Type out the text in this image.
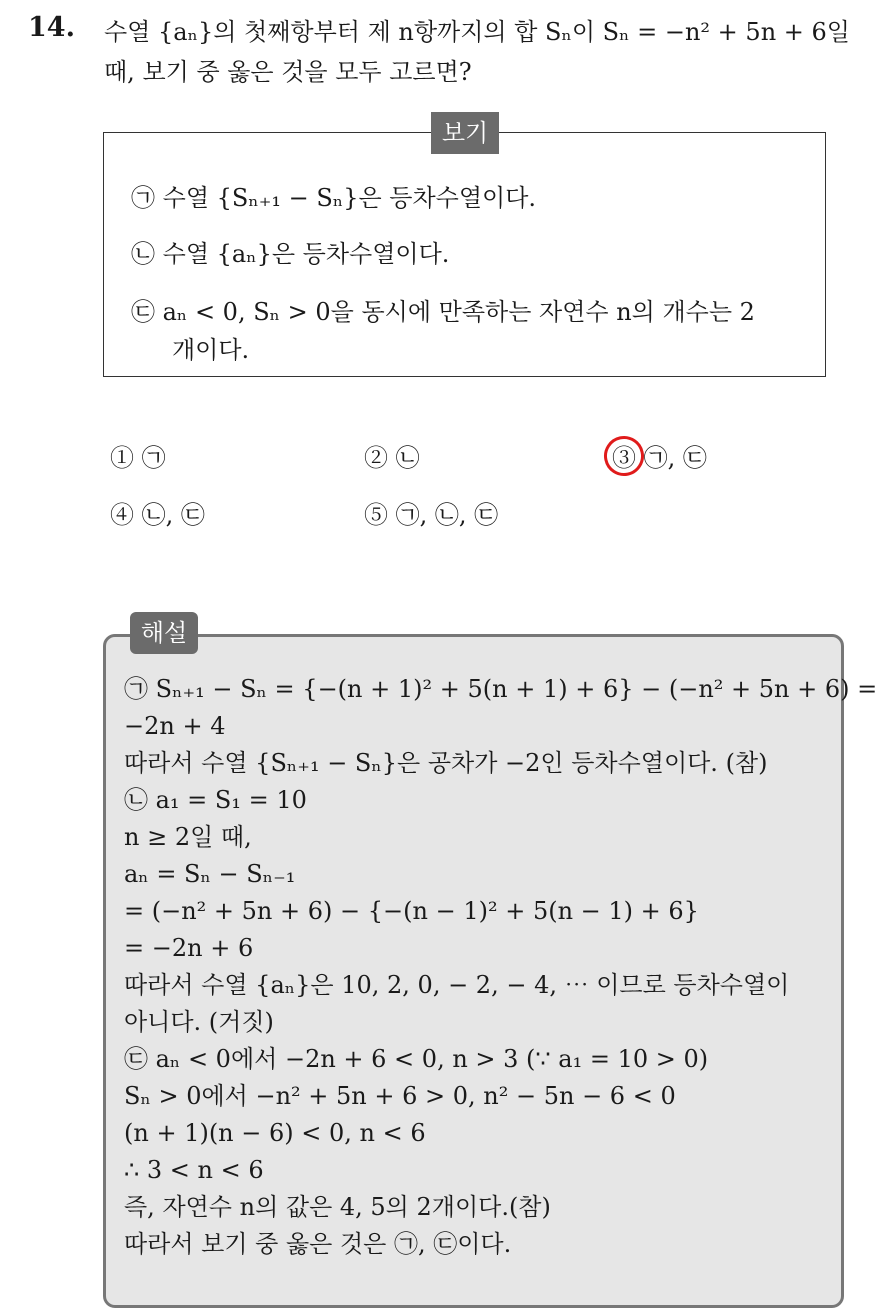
14. 수열 {aₙ}의 첫째항부터 제 n항까지의 합 Sₙ이 Sₙ = −n² + 5n + 6일
때, 보기 중 옳은 것을 모두 고르면?
보기
㉠ 수열 {Sₙ₊₁ − Sₙ}은 등차수열이다.
㉡ 수열 {aₙ}은 등차수열이다.
㉢ aₙ < 0, Sₙ > 0을 동시에 만족하는 자연수 n의 개수는 2
개이다.
① ㉠	② ㉡	③ ㉠, ㉢
④ ㉡, ㉢	⑤ ㉠, ㉡, ㉢
해설
㉠ Sₙ₊₁ − Sₙ = {−(n + 1)² + 5(n + 1) + 6} − (−n² + 5n + 6) =
−2n + 4
따라서 수열 {Sₙ₊₁ − Sₙ}은 공차가 −2인 등차수열이다. (참)
㉡ a₁ = S₁ = 10
n ≥ 2일 때,
aₙ = Sₙ − Sₙ₋₁
= (−n² + 5n + 6) − {−(n − 1)² + 5(n − 1) + 6}
= −2n + 6
따라서 수열 {aₙ}은 10, 2, 0, − 2, − 4, ⋯ 이므로 등차수열이
아니다. (거짓)
㉢ aₙ < 0에서 −2n + 6 < 0, n > 3 (∵ a₁ = 10 > 0)
Sₙ > 0에서 −n² + 5n + 6 > 0, n² − 5n − 6 < 0
(n + 1)(n − 6) < 0, n < 6
∴ 3 < n < 6
즉, 자연수 n의 값은 4, 5의 2개이다.(참)
따라서 보기 중 옳은 것은 ㉠, ㉢이다.
